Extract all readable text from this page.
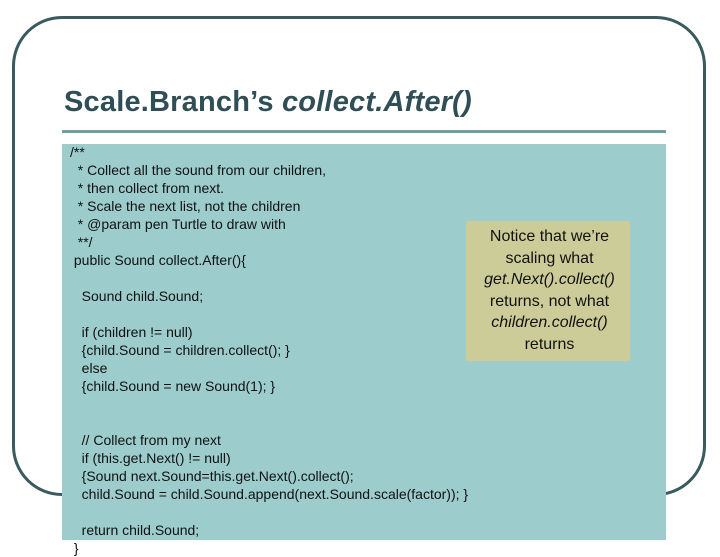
Scale.Branch’s collect.After()
/**
* Collect all the sound from our children,
* then collect from next.
* Scale the next list, not the children
* @param pen Turtle to draw with
**/
public Sound collect.After(){

Sound child.Sound;

if (children != null)
{child.Sound = children.collect(); }
else
{child.Sound = new Sound(1); }

// Collect from my next
if (this.get.Next() != null)
{Sound next.Sound=this.get.Next().collect();
child.Sound = child.Sound.append(next.Sound.scale(factor)); }

return child.Sound;
}
Notice that we’re
scaling what
get.Next().collect()
returns, not what
children.collect()
returns
